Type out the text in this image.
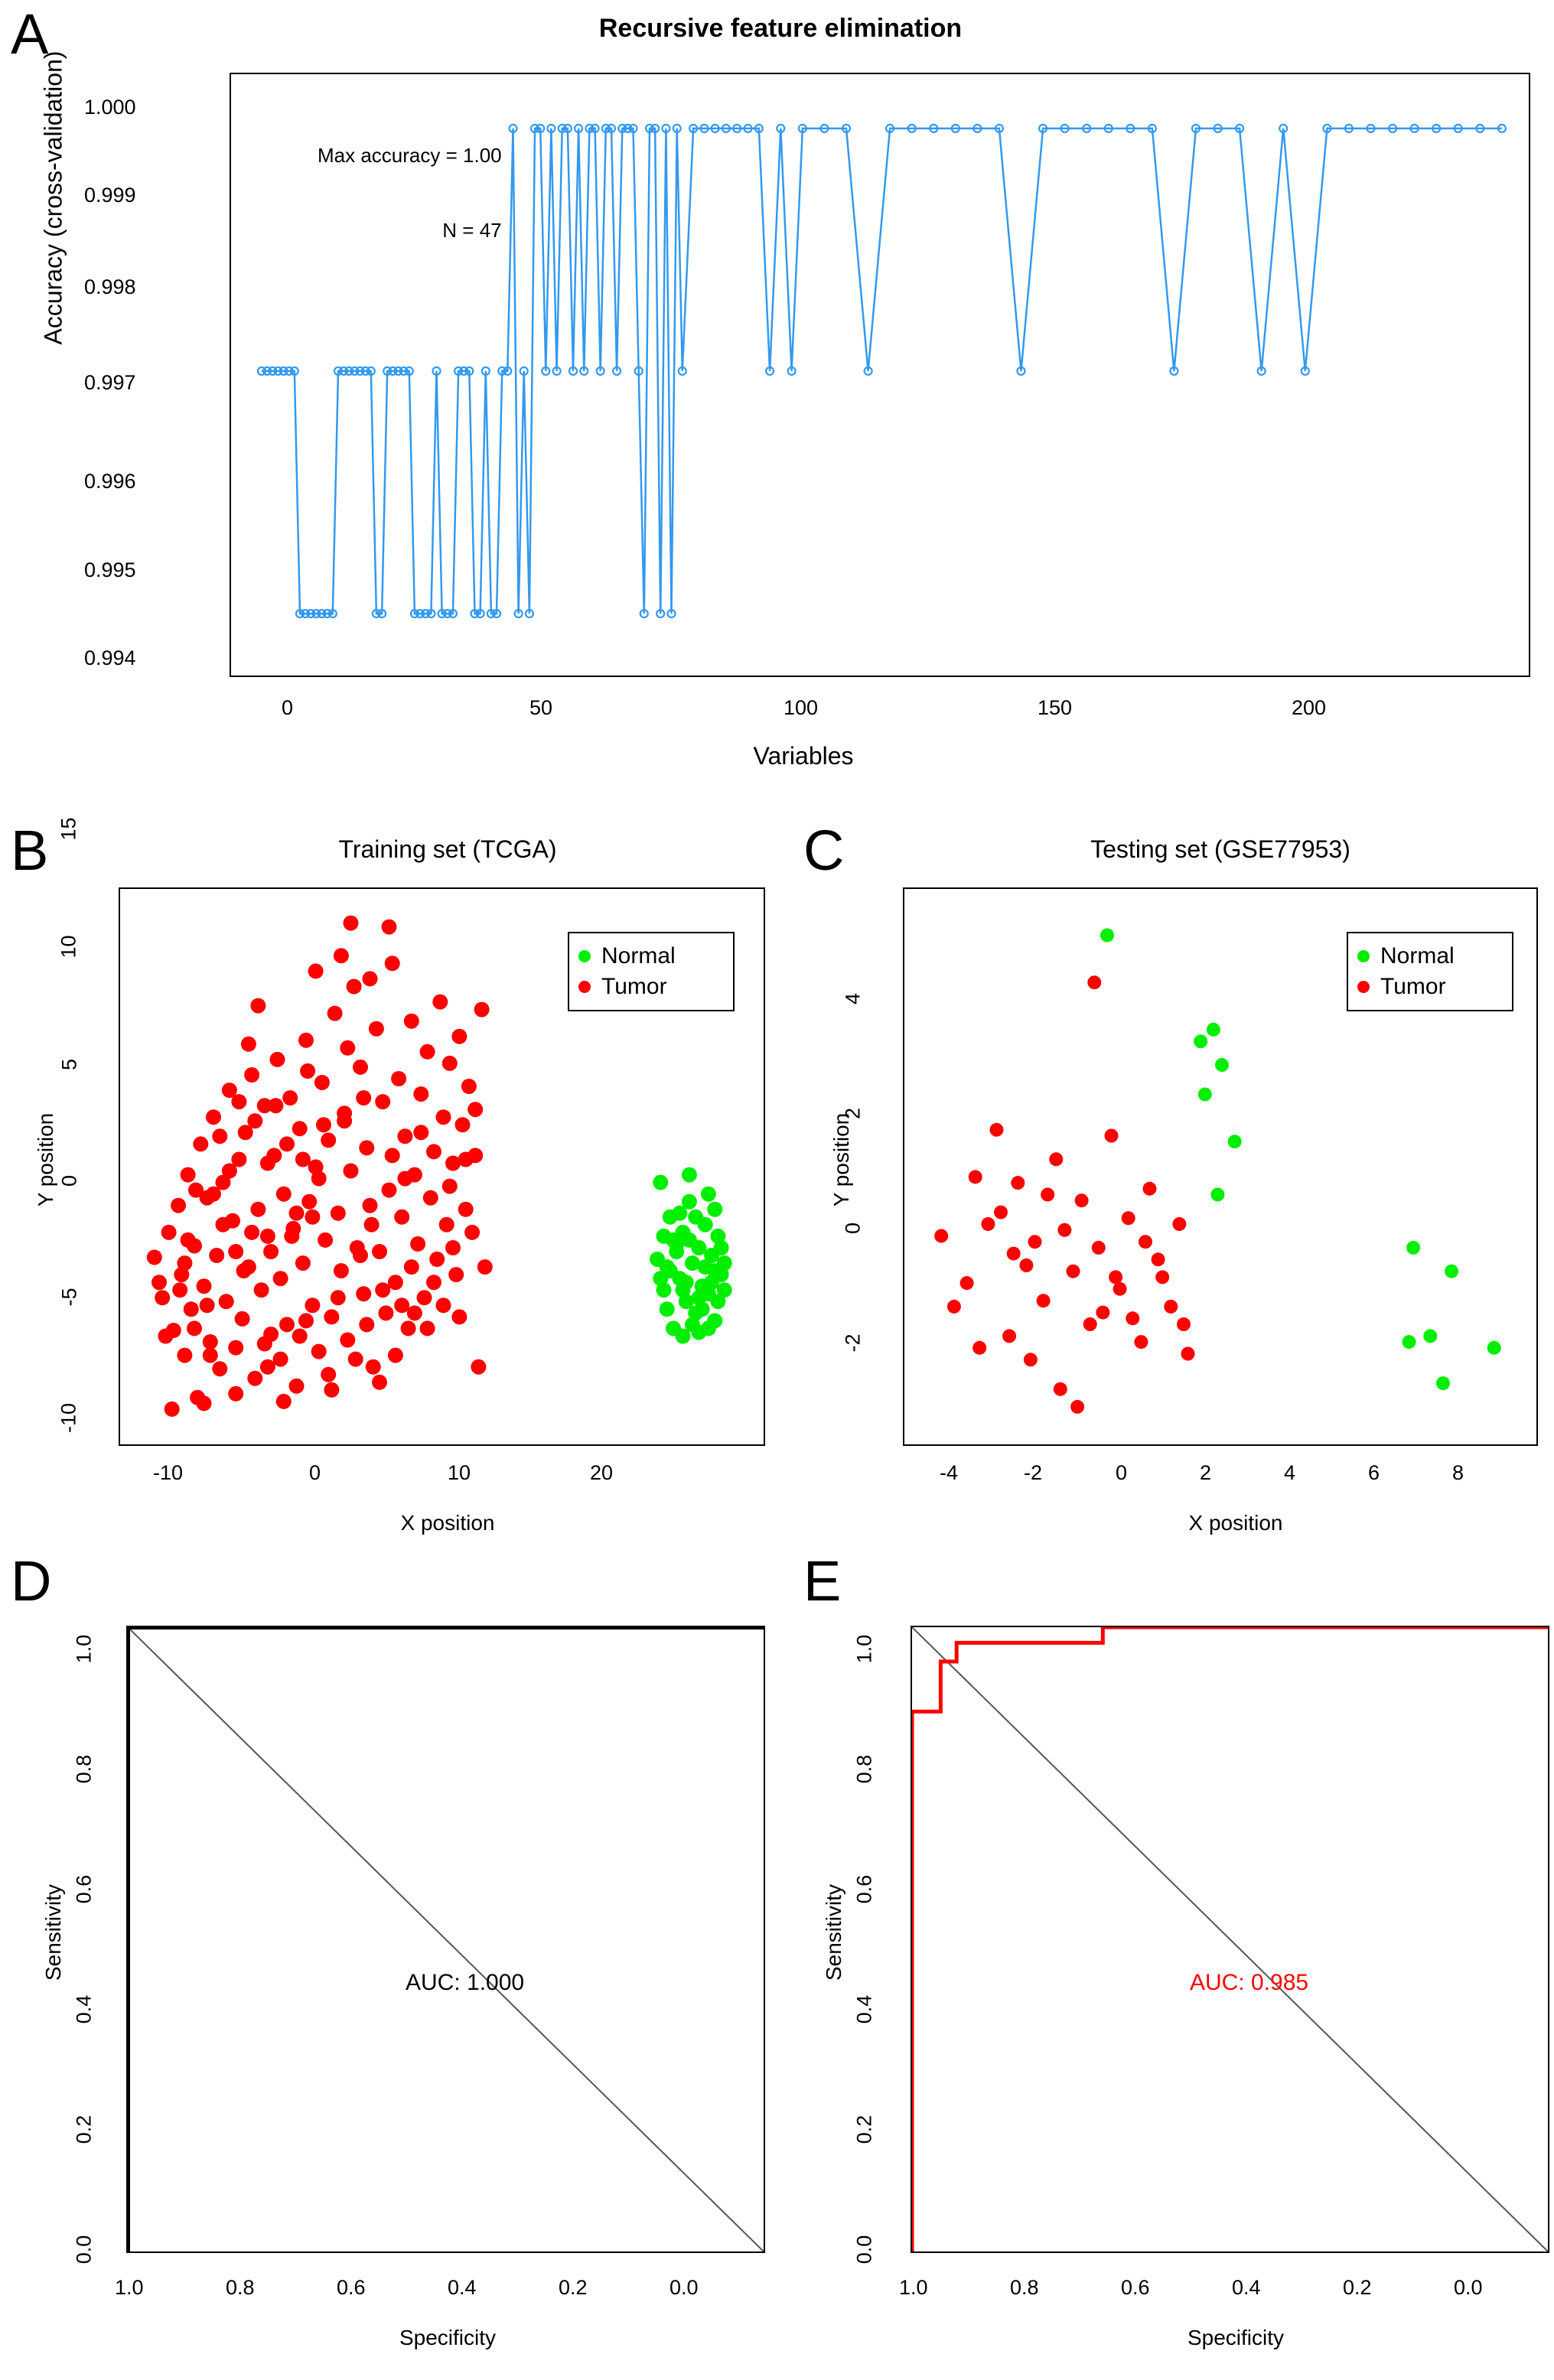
A	Recursive feature elimination
Accuracy (cross-validation)
Variables
0.994
0.995
0.996
0.997
0.998
0.999
1.000
0	50	100	150	200

Max accuracy = 1.00

N = 47

B	Training set (TCGA)
Y position
X position
-10
-5
0
5
10
15
-10	0	10	20
Normal
Tumor
C	Testing set (GSE77953)
Y position
X position
-2
0
2
4
-4	-2	0	2	4	6	8
Normal
Tumor
D
Sensitivity
Specificity
0.0
0.2
0.4
0.6
0.8
1.0
1.0	0.8	0.6	0.4	0.2	0.0
AUC: 1.000
E
Sensitivity
Specificity
0.0
0.2
0.4
0.6
0.8
1.0
1.0	0.8	0.6	0.4	0.2	0.0
AUC: 0.985
